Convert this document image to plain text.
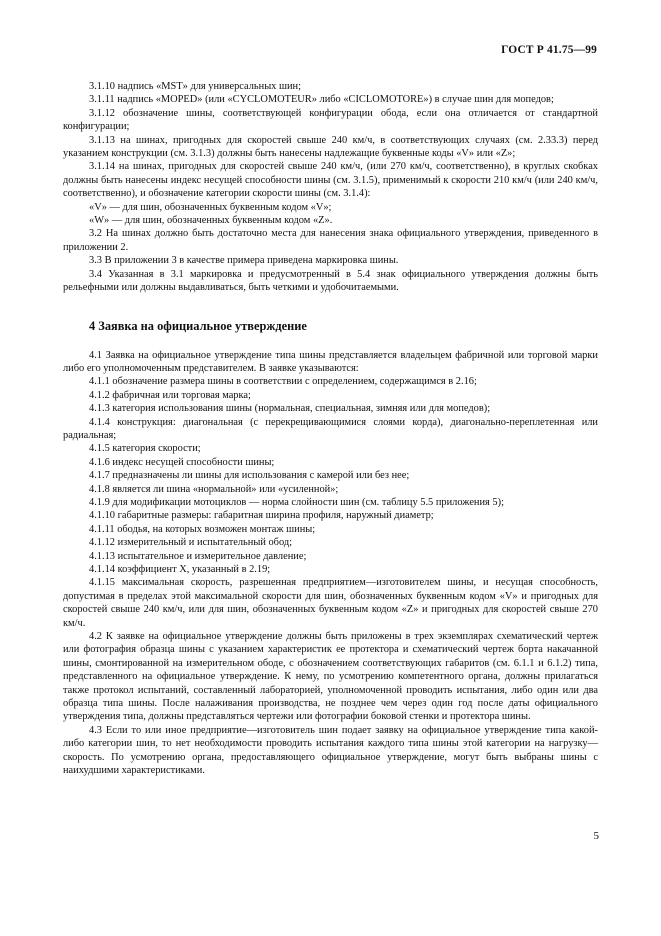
ГОСТ Р 41.75—99

3.1.10 надпись «MST» для универсальных шин;

3.1.11 надпись «MOPED» (или «CYCLOMOTEUR» либо «CICLOMOTORE») в случае шин для мопедов;

3.1.12 обозначение шины, соответствующей конфигурации обода, если она отличается от стандартной конфигурации;

3.1.13 на шинах, пригодных для скоростей свыше 240 км/ч, в соответствующих случаях (см. 2.33.3) перед указанием конструкции (см. 3.1.3) должны быть нанесены надлежащие буквенные коды «V» или «Z»;

3.1.14 на шинах, пригодных для скоростей свыше 240 км/ч, (или 270 км/ч, соответственно), в круглых скобках должны быть нанесены индекс несущей способности шины (см. 3.1.5), применимый к скорости 210 км/ч (или 240 км/ч, соответственно), и обозначение категории скорости шины (см. 3.1.4):

«V» — для шин, обозначенных буквенным кодом «V»;

«W» — для шин, обозначенных буквенным кодом «Z».

3.2 На шинах должно быть достаточно места для нанесения знака официального утверждения, приведенного в приложении 2.

3.3 В приложении 3 в качестве примера приведена маркировка шины.

3.4 Указанная в 3.1 маркировка и предусмотренный в 5.4 знак официального утверждения должны быть рельефными или должны выдавливаться, быть четкими и удобочитаемыми.

4 Заявка на официальное утверждение

4.1 Заявка на официальное утверждение типа шины представляется владельцем фабричной или торговой марки либо его уполномоченным представителем. В заявке указываются:

4.1.1 обозначение размера шины в соответствии с определением, содержащимся в 2.16;

4.1.2 фабричная или торговая марка;

4.1.3 категория использования шины (нормальная, специальная, зимняя или для мопедов);

4.1.4 конструкция: диагональная (с перекрещивающимися слоями корда), диагонально-переплетенная или радиальная;

4.1.5 категория скорости;

4.1.6 индекс несущей способности шины;

4.1.7 предназначены ли шины для использования с камерой или без нее;

4.1.8 является ли шина «нормальной» или «усиленной»;

4.1.9 для модификации мотоциклов — норма слойности шин (см. таблицу 5.5 приложения 5);

4.1.10 габаритные размеры: габаритная ширина профиля, наружный диаметр;

4.1.11 ободья, на которых возможен монтаж шины;

4.1.12 измерительный и испытательный обод;

4.1.13 испытательное и измерительное давление;

4.1.14 коэффициент X, указанный в 2.19;

4.1.15 максимальная скорость, разрешенная предприятием—изготовителем шины, и несущая способность, допустимая в пределах этой максимальной скорости для шин, обозначенных буквенным кодом «V» и пригодных для скоростей свыше 240 км/ч, или для шин, обозначенных буквенным кодом «Z» и пригодных для скоростей свыше 270 км/ч.

4.2 К заявке на официальное утверждение должны быть приложены в трех экземплярах схематический чертеж или фотография образца шины с указанием характеристик ее протектора и схематический чертеж борта накачанной шины, смонтированной на измерительном ободе, с обозначением соответствующих габаритов (см. 6.1.1 и 6.1.2) типа, представленного на официальное утверждение. К нему, по усмотрению компетентного органа, должны прилагаться также протокол испытаний, составленный лабораторией, уполномоченной проводить испытания, либо один или два образца типа шины. После налаживания производства, не позднее чем через один год после даты официального утверждения типа, должны представляться чертежи или фотографии боковой стенки и протектора шины.

4.3 Если то или иное предприятие—изготовитель шин подает заявку на официальное утверждение типа какой-либо категории шин, то нет необходимости проводить испытания каждого типа шины этой категории на нагрузку—скорость. По усмотрению органа, предоставляющего официальное утверждение, могут быть выбраны шины с наихудшими характеристиками.

5
